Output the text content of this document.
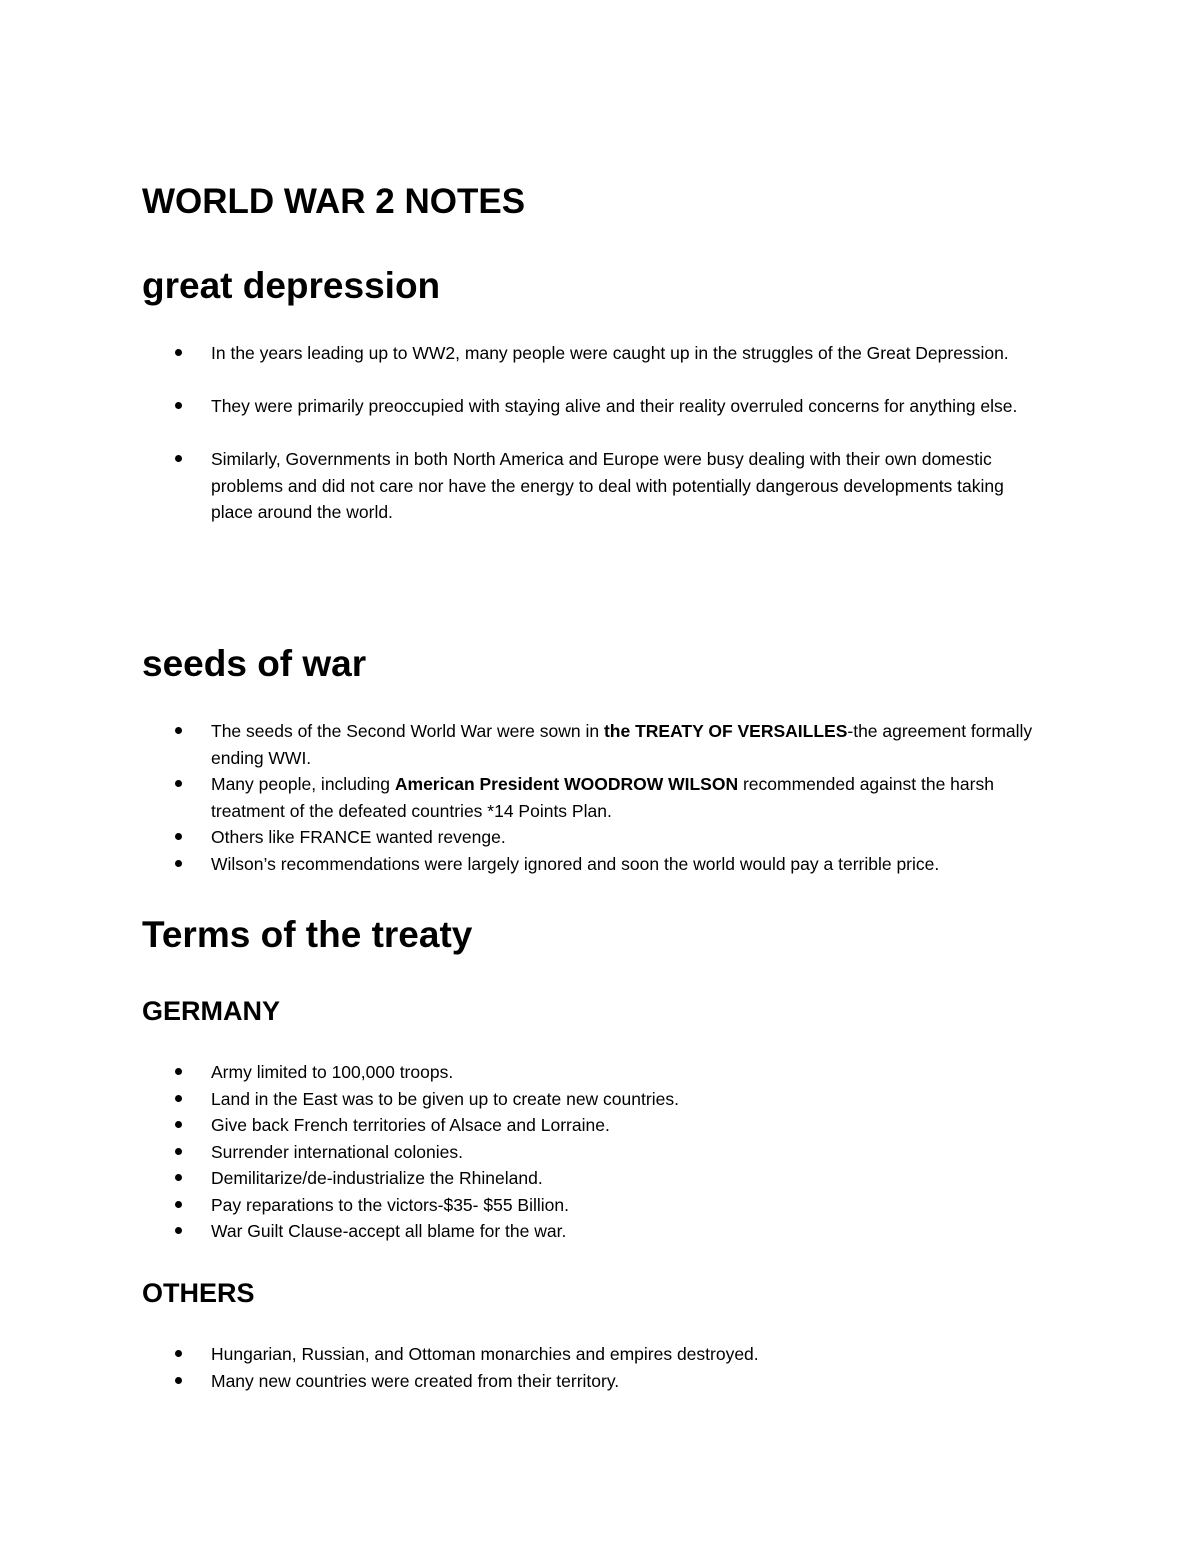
WORLD WAR 2 NOTES
great depression
In the years leading up to WW2, many people were caught up in the struggles of the Great Depression.
They were primarily preoccupied with staying alive and their reality overruled concerns for anything else.
Similarly, Governments in both North America and Europe were busy dealing with their own domestic problems and did not care nor have the energy to deal with potentially dangerous developments taking place around the world.
seeds of war
The seeds of the Second World War were sown in the TREATY OF VERSAILLES-the agreement formally ending WWI.
Many people, including American President WOODROW WILSON recommended against the harsh treatment of the defeated countries *14 Points Plan.
Others like FRANCE wanted revenge.
Wilson’s recommendations were largely ignored and soon the world would pay a terrible price.
Terms of the treaty
GERMANY
Army limited to 100,000 troops.
Land in the East was to be given up to create new countries.
Give back French territories of Alsace and Lorraine.
Surrender international colonies.
Demilitarize/de-industrialize the Rhineland.
Pay reparations to the victors-$35- $55 Billion.
War Guilt Clause-accept all blame for the war.
OTHERS
Hungarian, Russian, and Ottoman monarchies and empires destroyed.
Many new countries were created from their territory.
